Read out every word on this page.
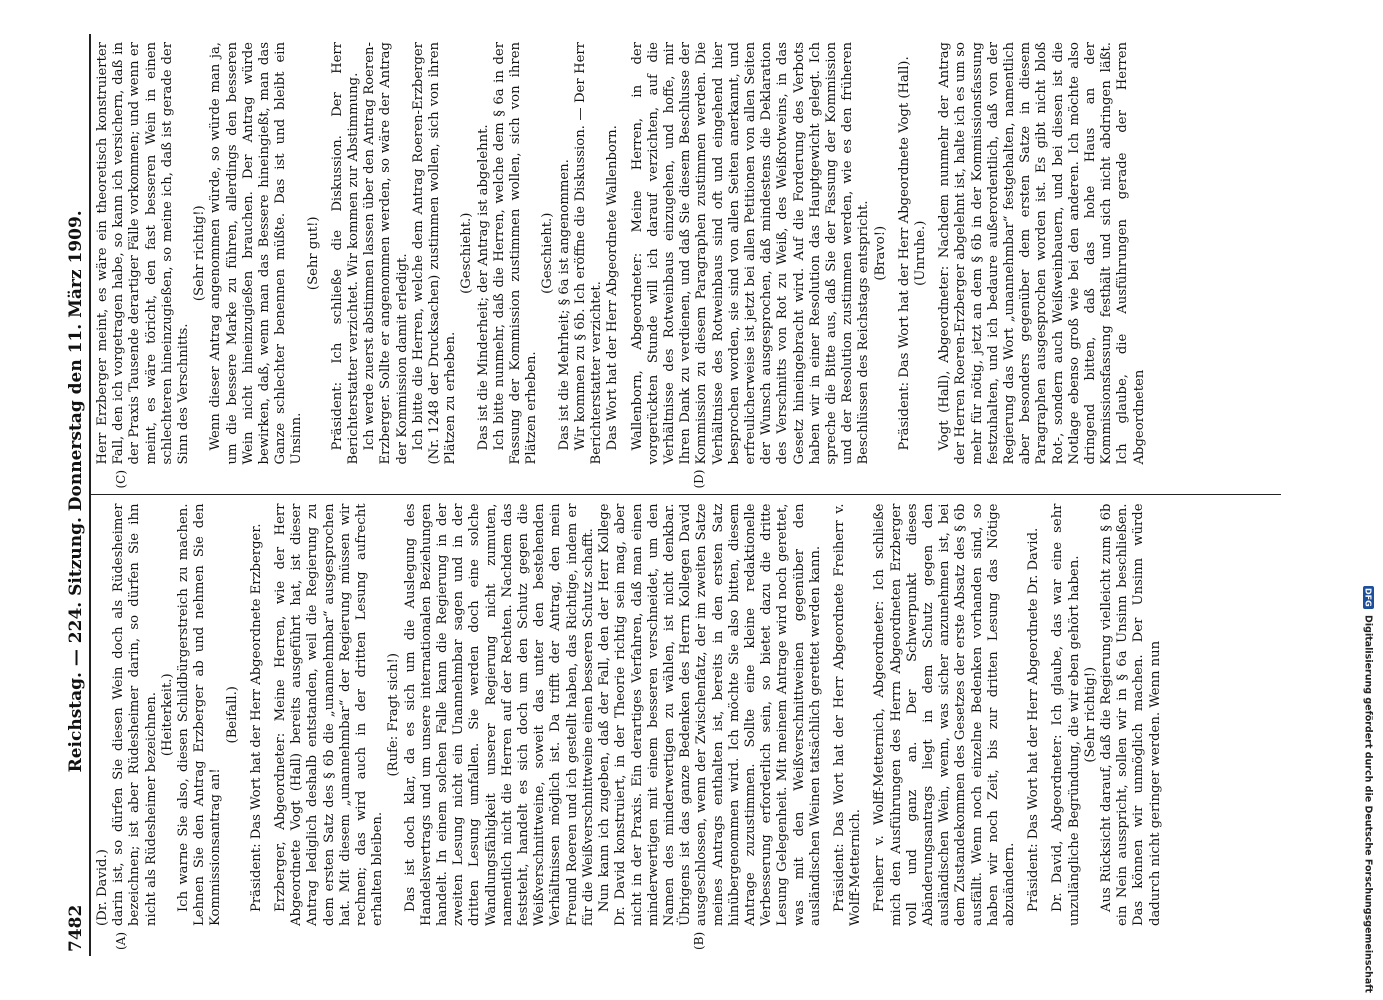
7482
Reichstag. — 224. Sitzung. Donnerstag den 11. März 1909.
(A)	(B)

(Dr. David.) darin ist, so dürfen Sie diesen Wein doch als Rüdesheimer bezeichnen; ist aber Rüdesheimer darin, so dürfen Sie ihn nicht als Rüdesheimer bezeichnen. (Heiterkeit.) Ich warne Sie also, diesen Schildbürgerstreich zu machen. Lehnen Sie den Antrag Erzberger ab und nehmen Sie den Kommissionsantrag an!

(Beifall.) Präsident: Das Wort hat der Herr Abgeordnete Erzberger. Erzberger, Abgeordneter: Meine Herren, wie der Herr Abgeordnete Vogt (Hall) bereits ausgeführt hat, ist dieser Antrag lediglich deshalb entstanden, weil die Regierung zu dem ersten Satz des § 6b die „unannehmbar“ ausgesprochen hat. Mit diesem „unannehmbar“ der Regierung müssen wir rechnen; das wird auch in der dritten Lesung aufrecht erhalten bleiben.

(Rufe: Fragt sich!) Das ist doch klar, da es sich um die Auslegung des Handelsvertrags und um unsere internationalen Beziehungen handelt. In einem solchen Falle kann die Regierung in der zweiten Lesung nicht ein Unannehmbar sagen und in der dritten Lesung umfallen. Sie werden doch eine solche Wandlungsfähigkeit unserer Regierung nicht zumuten, namentlich nicht die Herren auf der Rechten. Nachdem das feststeht, handelt es sich doch um den Schutz gegen die Weißverschnittweine, soweit das unter den bestehenden Verhältnissen möglich ist. Da trifft der Antrag, den mein Freund Roeren und ich gestellt haben, das Richtige, indem er für die Weißverschnittweine einen besseren Schutz schafft. Nun kann ich zugeben, daß der Fall, den der Herr Kollege Dr. David konstruiert, in der Theorie richtig sein mag, aber nicht in der Praxis. Ein derartiges Verfahren, daß man einen minderwertigen mit einem besseren verschneidet, um den Namen des minderwertigen zu wählen, ist nicht denkbar. Übrigens ist das ganze Bedenken des Herrn Kollegen David ausgeschlossen, wenn der Zwischenfatz, der im zweiten Satze meines Antrags enthalten ist, bereits in den ersten Satz hinübergenommen wird. Ich möchte Sie also bitten, diesem Antrage zuzustimmen. Sollte eine kleine redaktionelle Verbesserung erforderlich sein, so bietet dazu die dritte Lesung Gelegenheit. Mit meinem Antrage wird noch gerettet, was mit den Weißverschnittweinen gegenüber den ausländischen Weinen tatsächlich gerettet werden kann. Präsident: Das Wort hat der Herr Abgeordnete Freiherr v. Wolff-Metternich. Freiherr v. Wolff-Metternich, Abgeordneter: Ich schließe mich den Ausführungen des Herrn Abgeordneten Erzberger voll und ganz an. Der Schwerpunkt dieses Abänderungsantrags liegt in dem Schutz gegen den ausländischen Wein, wenn, was sicher anzunehmen ist, bei dem Zustandekommen des Gesetzes der erste Absatz des § 6b ausfällt. Wenn noch einzelne Bedenken vorhanden sind, so haben wir noch Zeit, bis zur dritten Lesung das Nötige abzuändern. Präsident: Das Wort hat der Herr Abgeordnete Dr. David. Dr. David, Abgeordneter: Ich glaube, das war eine sehr unzulängliche Begründung, die wir eben gehört haben. (Sehr richtig!) Aus Rücksicht darauf, daß die Regierung vielleicht zum § 6b ein Nein ausspricht, sollen wir in § 6a Unsinn beschließen. Das können wir unmöglich machen. Der Unsinn würde dadurch nicht geringer werden. Wenn nun

(C)	(D)

Herr Erzberger meint, es wäre ein theoretisch konstruierter Fall, den ich vorgetragen habe, so kann ich versichern, daß in der Praxis Tausende derartiger Fälle vorkommen; und wenn er meint, es wäre töricht, den fast besseren Wein in einen schlechteren hineinzugießen, so meine ich, daß ist gerade der Sinn des Verschnitts.

(Sehr richtig!) Wenn dieser Antrag angenommen würde, so würde man ja, um die bessere Marke zu führen, allerdings den besseren Wein nicht hineinzugießen brauchen. Der Antrag würde bewirken, daß, wenn man das Bessere hineingießt, man das Ganze schlechter benennen müßte. Das ist und bleibt ein Unsinn.

(Sehr gut!) Präsident: Ich schließe die Diskussion. Der Herr Berichterstatter verzichtet. Wir kommen zur Abstimmung. Ich werde zuerst abstimmen lassen über den Antrag Roeren-Erzberger. Sollte er angenommen werden, so wäre der Antrag der Kommission damit erledigt. Ich bitte die Herren, welche dem Antrag Roeren-Erzberger (Nr. 1248 der Drucksachen) zustimmen wollen, sich von ihren Plätzen zu erheben.

(Geschieht.) Das ist die Minderheit; der Antrag ist abgelehnt. Ich bitte nunmehr, daß die Herren, welche dem § 6a in der Fassung der Kommission zustimmen wollen, sich von ihren Plätzen erheben.

(Geschieht.) Das ist die Mehrheit; § 6a ist angenommen. Wir kommen zu § 6b. Ich eröffne die Diskussion. — Der Herr Berichterstatter verzichtet. Das Wort hat der Herr Abgeordnete Wallenborn. Wallenborn, Abgeordneter: Meine Herren, in der vorgerückten Stunde will ich darauf verzichten, auf die Verhältnisse des Rotweinbaus einzugehen, und hoffe, mir Ihren Dank zu verdienen, und daß Sie diesem Beschlusse der Kommission zu diesem Paragraphen zustimmen werden. Die Verhältnisse des Rotweinbaus sind oft und eingehend hier besprochen worden, sie sind von allen Seiten anerkannt, und erfreulicherweise ist jetzt bei allen Petitionen von allen Seiten der Wunsch ausgesprochen, daß mindestens die Deklaration des Verschnitts von Rot zu Weiß, des Weißrotweins, in das Gesetz hineingebracht wird. Auf die Forderung des Verbots haben wir in einer Resolution das Hauptgewicht gelegt. Ich spreche die Bitte aus, daß Sie der Fassung der Kommission und der Resolution zustimmen werden, wie es den früheren Beschlüssen des Reichstags entspricht. (Bravo!) Präsident: Das Wort hat der Herr Abgeordnete Vogt (Hall). (Unruhe.) Vogt (Hall), Abgeordneter: Nachdem nunmehr der Antrag der Herren Roeren-Erzberger abgelehnt ist, halte ich es um so mehr für nötig, jetzt an dem § 6b in der Kommissionsfassung festzuhalten, und ich bedaure außerordentlich, daß von der Regierung das Wort „unannehmbar“ festgehalten, namentlich aber besonders gegenüber dem ersten Satze in diesem Paragraphen ausgesprochen worden ist. Es gibt nicht bloß Rot-, sondern auch Weißweinbauern, und bei diesen ist die Notlage ebenso groß wie bei den anderen. Ich möchte also dringend bitten, daß das hohe Haus an der Kommissionsfassung festhält und sich nicht abdringen läßt. Ich glaube, die Ausführungen gerade der Herren Abgeordneten

DFG
Digitalisierung gefördert durch die Deutsche Forschungsgemeinschaft
